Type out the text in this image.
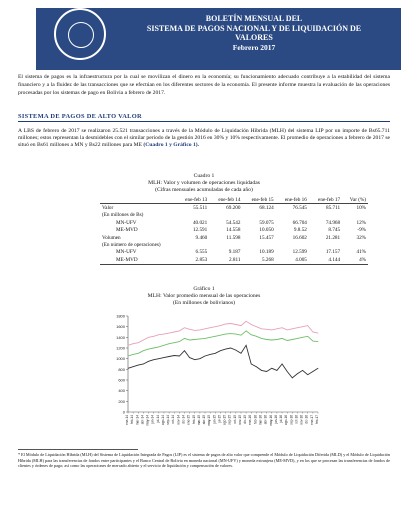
BOLETÍN MENSUAL DEL
SISTEMA DE PAGOS NACIONAL Y DE LIQUIDACIÓN DE
VALORES
Febrero 2017
El sistema de pagos es la infraestructura por la cual se movilizan el dinero en la economía; su funcionamiento adecuado contribuye a la estabilidad del sistema financiero y a la fluidez de las transacciones que se efectúan en los diferentes sectores de la economía. El presente informe muestra la evaluación de las operaciones procesadas por los sistemas de pago en Bolivia a febrero de 2017.
SISTEMA DE PAGOS DE ALTO VALOR
A LBS de febrero de 2017 se realizaron 25.521 transacciones a través de la Módulo de Liquidación Híbrida (MLH) del sistema LIP por un importe de Bs65.711 millones; estos representan la desmidebles con el similar período de la gestión 2016 en 30% y 10% respectivamente. El promedio de operaciones a febrero de 2017 se situó en Bs61 millones a MN y Bs22 millones para ME (Cuadro 1 y Gráfico 1).
Cuadro 1
MLH: Valor y volumen de operaciones liquidadas
(Cifras mensuales acumuladas de cada año)
	ene-feb 13	ene-feb 14	ene-feb 15	ene-feb 16	ene-feb 17	Var (%)
Valor	55.511	69.200	68.124	76.545	85.711	10%
(En millones de Bs)						
MN-UFV	40.021	54.542	59.075	66.704	74.968	12%
ME-MVD	12.591	14.558	10.050	9.8.52	8.745	-9%
Volumen	9.460	11.598	15.457	16.602	21.281	32%
(En número de operaciones)						
MN-UFV	6.555	9.187	10.189	12.599	17.157	41%
ME-MVD	2.853	2.811	5.268	4.005	4.144	4%
Gráfico 1
MLH: Valor promedio mensual de las operaciones
(En millones de bolivianos)
0
200
400
600
800
1000
1200
1400
1600
1800
ene-14 feb-14 mar-14 abr-14 may-14 jun-14 jul-14 ago-14 sep-14 oct-14 nov-14 dic-14 ene-15 feb-15 mar-15 abr-15 may-15 jun-15 jul-15 ago-15 sep-15 oct-15 nov-15 dic-15 ene-16 feb-16 mar-16 abr-16 may-16 jun-16 jul-16 ago-16 sep-16 oct-16 nov-16 dic-16 ene-17 feb-17
* El Módulo de Liquidación Híbrida (MLH) del Sistema de Liquidación Integrada de Pagos (LIP) es el sistema de pagos de alto valor que comprende el Módulo de Liquidación Diferida (MLD) y el Módulo de Liquidación Híbrida (MLH) para las transferencias de fondos entre participantes y el Banco Central de Bolivia en moneda nacional (MN-UFV) y moneda extranjera (ME-MVD), y en los que se procesan las transferencias de fondos de clientes y órdenes de pago; así como las operaciones de mercado abierto y el servicio de liquidación y compensación de valores.
